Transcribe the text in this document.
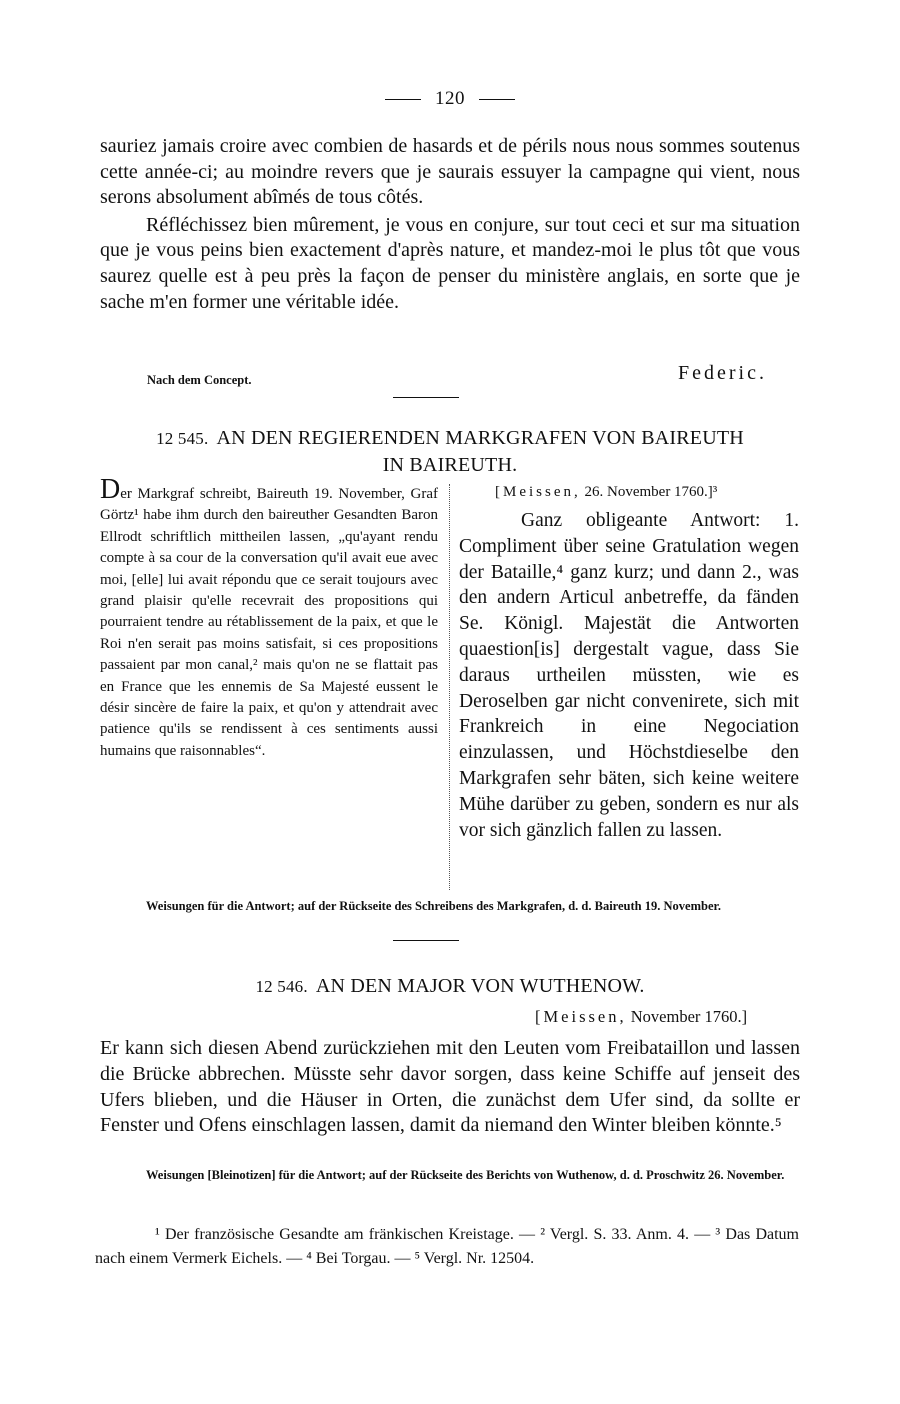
120

sauriez jamais croire avec combien de hasards et de périls nous nous sommes soutenus cette année-ci; au moindre revers que je saurais essuyer la campagne qui vient, nous serons absolument abîmés de tous côtés.

Réfléchissez bien mûrement, je vous en conjure, sur tout ceci et sur ma situation que je vous peins bien exactement d'après nature, et mandez-moi le plus tôt que vous saurez quelle est à peu près la façon de penser du ministère anglais, en sorte que je sache m'en former une véritable idée.

Nach dem Concept.	Federic.
12 545. AN DEN REGIERENDEN MARKGRAFEN VON BAIREUTH
IN BAIREUTH.

Der Markgraf schreibt, Baireuth 19. November, Graf Görtz¹ habe ihm durch den baireuther Gesandten Baron Ellrodt schriftlich mittheilen lassen, „qu'ayant rendu compte à sa cour de la conversation qu'il avait eue avec moi, [elle] lui avait répondu que ce serait toujours avec grand plaisir qu'elle recevrait des propositions qui pourraient tendre au rétablissement de la paix, et que le Roi n'en serait pas moins satisfait, si ces propositions passaient par mon canal,² mais qu'on ne se flattait pas en France que les ennemis de Sa Majesté eussent le désir sincère de faire la paix, et qu'on y attendrait avec patience qu'ils se rendissent à ces sentiments aussi humains que raisonnables“.

[Meissen, 26. November 1760.]³

Ganz obligeante Antwort: 1. Compliment über seine Gratulation wegen der Bataille,⁴ ganz kurz; und dann 2., was den andern Articul anbetreffe, da fänden Se. Königl. Majestät die Antworten quaestion[is] dergestalt vague, dass Sie daraus urtheilen müssten, wie es Deroselben gar nicht convenirete, sich mit Frankreich in eine Negociation einzulassen, und Höchstdieselbe den Markgrafen sehr bäten, sich keine weitere Mühe darüber zu geben, sondern es nur als vor sich gänzlich fallen zu lassen.

Weisungen für die Antwort; auf der Rückseite des Schreibens des Markgrafen, d. d. Baireuth 19. November.
12 546. AN DEN MAJOR VON WUTHENOW.
[Meissen, November 1760.]

Er kann sich diesen Abend zurückziehen mit den Leuten vom Freibataillon und lassen die Brücke abbrechen. Müsste sehr davor sorgen, dass keine Schiffe auf jenseit des Ufers blieben, und die Häuser in Orten, die zunächst dem Ufer sind, da sollte er Fenster und Ofens einschlagen lassen, damit da niemand den Winter bleiben könnte.⁵

Weisungen [Bleinotizen] für die Antwort; auf der Rückseite des Berichts von Wuthenow, d. d. Proschwitz 26. November.

¹ Der französische Gesandte am fränkischen Kreistage. — ² Vergl. S. 33. Anm. 4. — ³ Das Datum nach einem Vermerk Eichels. — ⁴ Bei Torgau. — ⁵ Vergl. Nr. 12504.
